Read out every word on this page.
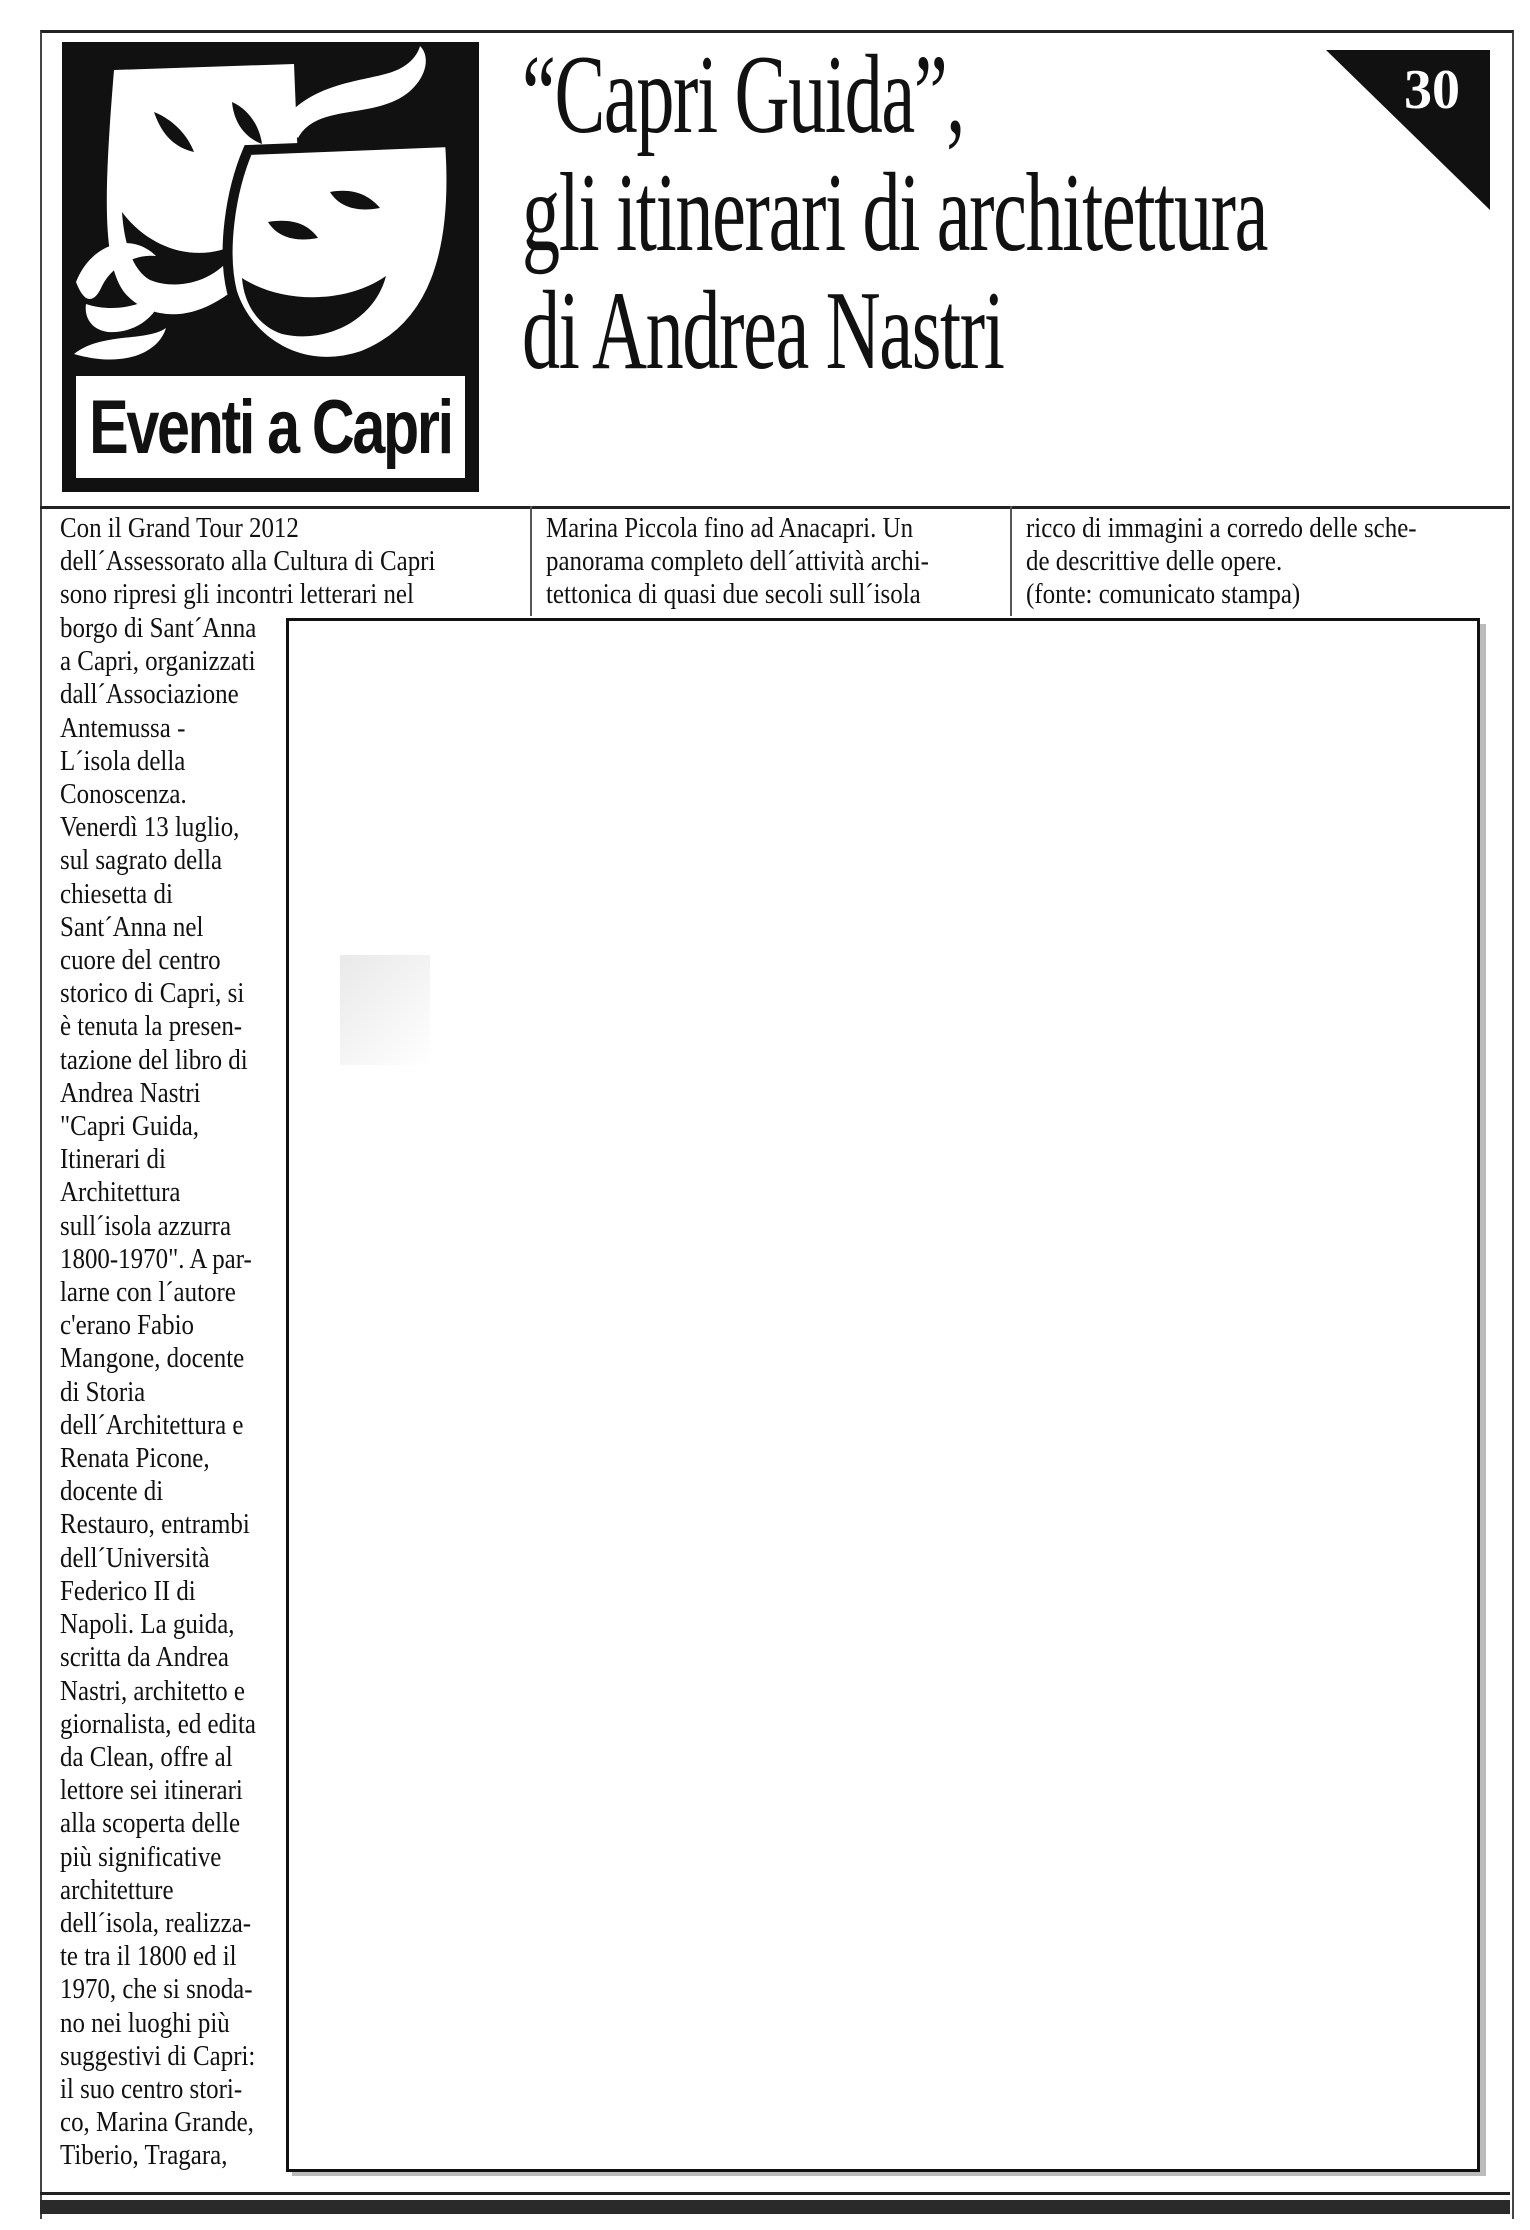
Eventi a Capri
“Capri Guida”,
gli itinerari di architettura
di Andrea Nastri
30
Con il Grand Tour 2012
dell´Assessorato alla Cultura di Capri
sono ripresi gli incontri letterari nel
borgo di Sant´Anna
a Capri, organizzati
dall´Associazione
Antemussa -
L´isola della
Conoscenza.
Venerdì 13 luglio,
sul sagrato della
chiesetta di
Sant´Anna nel
cuore del centro
storico di Capri, si
è tenuta la presen-
tazione del libro di
Andrea Nastri
"Capri Guida,
Itinerari di
Architettura
sull´isola azzurra
1800-1970". A par-
larne con l´autore
c'erano Fabio
Mangone, docente
di Storia
dell´Architettura e
Renata Picone,
docente di
Restauro, entrambi
dell´Università
Federico II di
Napoli. La guida,
scritta da Andrea
Nastri, architetto e
giornalista, ed edita
da Clean, offre al
lettore sei itinerari
alla scoperta delle
più significative
architetture
dell´isola, realizza-
te tra il 1800 ed il
1970, che si snoda-
no nei luoghi più
suggestivi di Capri:
il suo centro stori-
co, Marina Grande,
Tiberio, Tragara,
Marina Piccola fino ad Anacapri. Un
panorama completo dell´attività archi-
tettonica di quasi due secoli sull´isola
ricco di immagini a corredo delle sche-
de descrittive delle opere.
(fonte: comunicato stampa)
